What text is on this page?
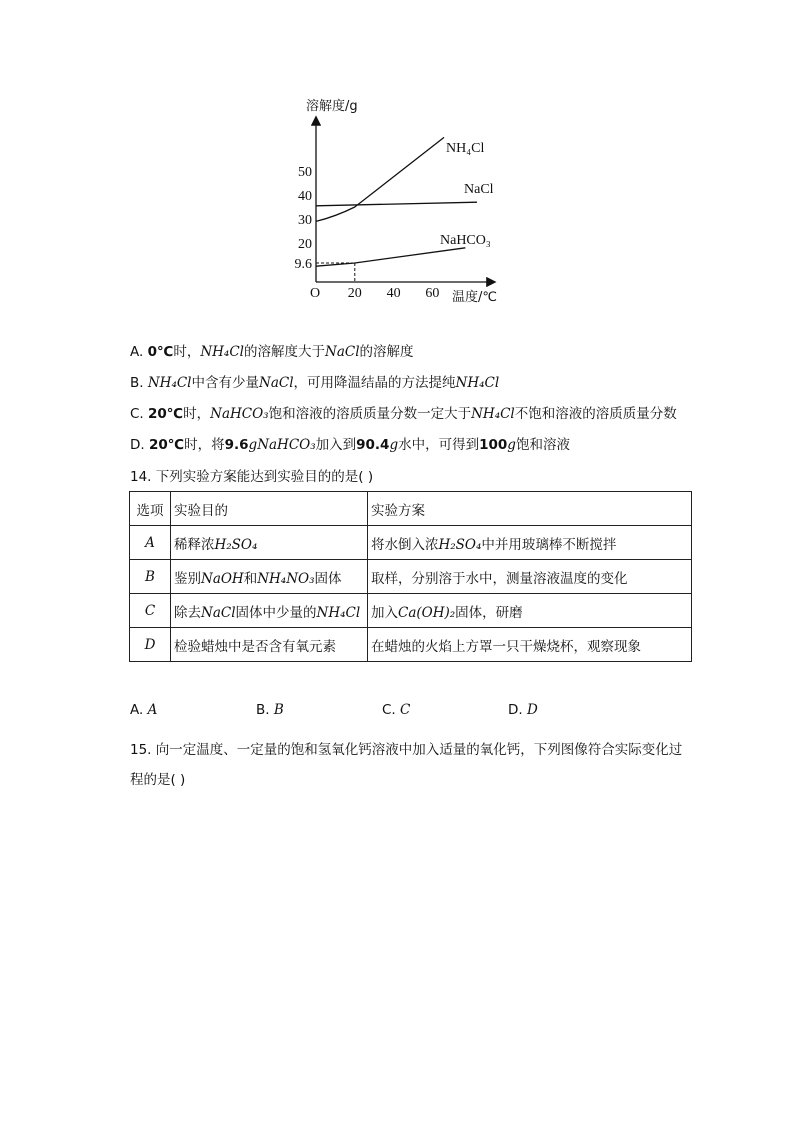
溶解度/g
温度/℃
O
9.6
20
30
40
50
20 40 60
NH₄Cl
NaCl
NaHCO₃
A. 0℃时，NH₄Cl的溶解度大于NaCl的溶解度
B. NH₄Cl中含有少量NaCl，可用降温结晶的方法提纯NH₄Cl
C. 20℃时，NaHCO₃饱和溶液的溶质质量分数一定大于NH₄Cl不饱和溶液的溶质质量分数
D. 20℃时，将9.6gNaHCO₃加入到90.4g水中，可得到100g饱和溶液
14. 下列实验方案能达到实验目的的是( )
选项	实验目的	实验方案
A	稀释浓H₂SO₄	将水倒入浓H₂SO₄中并用玻璃棒不断搅拌
B	鉴别NaOH和NH₄NO₃固体	取样，分别溶于水中，测量溶液温度的变化
C	除去NaCl固体中少量的NH₄Cl	加入Ca(OH)₂固体，研磨
D	检验蜡烛中是否含有氧元素	在蜡烛的火焰上方罩一只干燥烧杯，观察现象
A. A	B. B	C. C	D. D
15. 向一定温度、一定量的饱和氢氧化钙溶液中加入适量的氧化钙，下列图像符合实际变化过程的是( )
